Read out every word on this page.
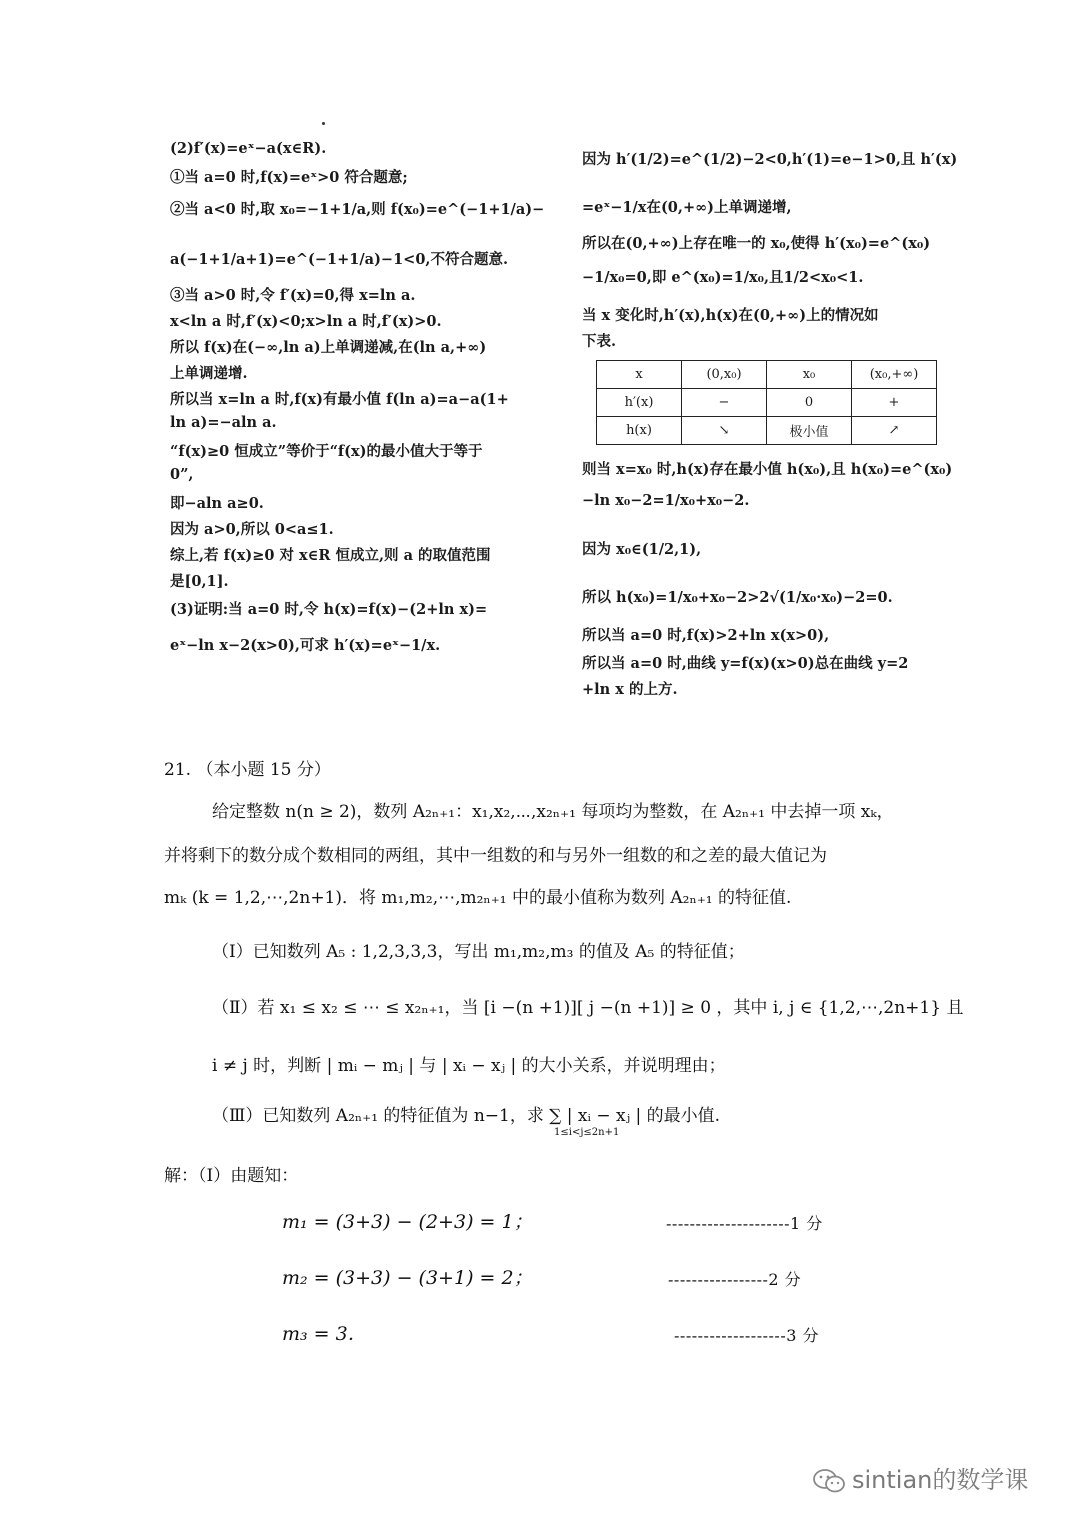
(2)f′(x)=eˣ−a(x∈R).
①当 a=0 时,f(x)=eˣ>0 符合题意;
②当 a<0 时,取 x₀=−1+1/a,则 f(x₀)=e^(−1+1/a)−
a(−1+1/a+1)=e^(−1+1/a)−1<0,不符合题意.
③当 a>0 时,令 f′(x)=0,得 x=ln a.
x<ln a 时,f′(x)<0;x>ln a 时,f′(x)>0.
所以 f(x)在(−∞,ln a)上单调递减,在(ln a,+∞)
上单调递增.
所以当 x=ln a 时,f(x)有最小值 f(ln a)=a−a(1+
ln a)=−aln a.
“f(x)≥0 恒成立”等价于“f(x)的最小值大于等于
0”,
即−aln a≥0.
因为 a>0,所以 0<a≤1.
综上,若 f(x)≥0 对 x∈R 恒成立,则 a 的取值范围
是[0,1].
(3)证明:当 a=0 时,令 h(x)=f(x)−(2+ln x)=
eˣ−ln x−2(x>0),可求 h′(x)=eˣ−1/x.
因为 h′(1/2)=e^(1/2)−2<0,h′(1)=e−1>0,且 h′(x)
=eˣ−1/x在(0,+∞)上单调递增,
所以在(0,+∞)上存在唯一的 x₀,使得 h′(x₀)=e^(x₀)
−1/x₀=0,即 e^(x₀)=1/x₀,且1/2<x₀<1.
当 x 变化时,h′(x),h(x)在(0,+∞)上的情况如
下表.
x	(0,x₀)	x₀	(x₀,+∞)
h′(x)	−	0	+
h(x)	↘	极小值	↗
则当 x=x₀ 时,h(x)存在最小值 h(x₀),且 h(x₀)=e^(x₀)
−ln x₀−2=1/x₀+x₀−2.
因为 x₀∈(1/2,1),
所以 h(x₀)=1/x₀+x₀−2>2√(1/x₀·x₀)−2=0.
所以当 a=0 时,f(x)>2+ln x(x>0),
所以当 a=0 时,曲线 y=f(x)(x>0)总在曲线 y=2
+ln x 的上方.
21. （本小题 15 分）
给定整数 n(n ≥ 2)，数列 A₂ₙ₊₁：x₁,x₂,⋯,x₂ₙ₊₁ 每项均为整数，在 A₂ₙ₊₁ 中去掉一项 xₖ，
并将剩下的数分成个数相同的两组，其中一组数的和与另外一组数的和之差的最大值记为
mₖ (k = 1,2,⋯,2n+1)．将 m₁,m₂,⋯,m₂ₙ₊₁ 中的最小值称为数列 A₂ₙ₊₁ 的特征值.
（Ⅰ）已知数列 A₅ : 1,2,3,3,3，写出 m₁,m₂,m₃ 的值及 A₅ 的特征值；
（Ⅱ）若 x₁ ≤ x₂ ≤ ⋯ ≤ x₂ₙ₊₁，当 [i −(n +1)][ j −(n +1)] ≥ 0 ，其中 i, j ∈ {1,2,⋯,2n+1} 且
i ≠ j 时，判断 | mᵢ − mⱼ | 与 | xᵢ − xⱼ | 的大小关系，并说明理由；
（Ⅲ）已知数列 A₂ₙ₊₁ 的特征值为 n−1，求 ∑ | xᵢ − xⱼ | 的最小值.
1≤i<j≤2n+1
解：（Ⅰ）由题知：
m₁ = (3+3) − (2+3) = 1；	---------------------1 分
m₂ = (3+3) − (3+1) = 2；	-----------------2 分
m₃ = 3．	-------------------3 分
sintian的数学课
